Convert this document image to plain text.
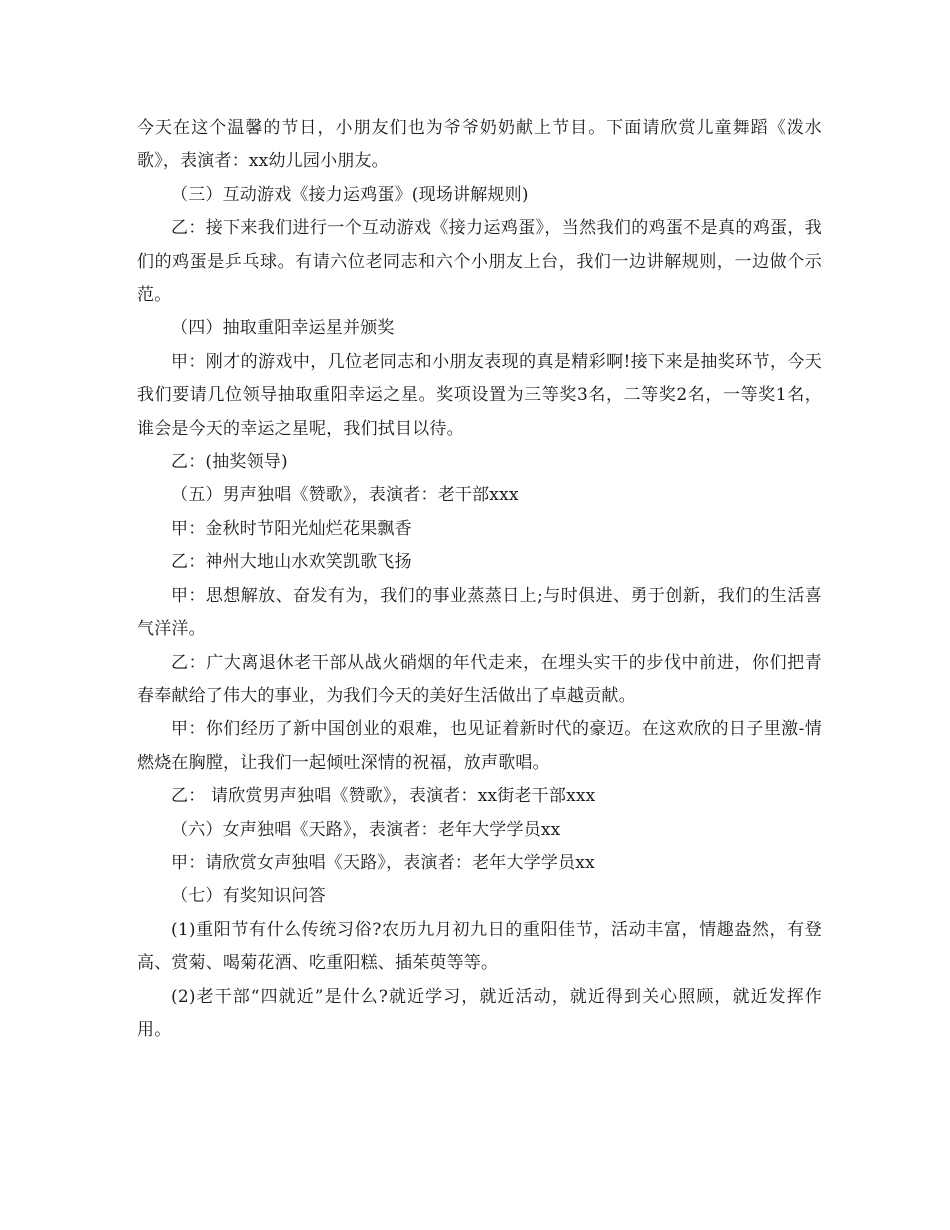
今天在这个温馨的节日，小朋友们也为爷爷奶奶献上节目。下面请欣赏儿童舞蹈《泼水歌》，表演者：xx幼儿园小朋友。

（三）互动游戏《接力运鸡蛋》(现场讲解规则)

乙：接下来我们进行一个互动游戏《接力运鸡蛋》，当然我们的鸡蛋不是真的鸡蛋，我们的鸡蛋是乒乓球。有请六位老同志和六个小朋友上台，我们一边讲解规则，一边做个示范。

（四）抽取重阳幸运星并颁奖

甲：刚才的游戏中，几位老同志和小朋友表现的真是精彩啊!接下来是抽奖环节，今天我们要请几位领导抽取重阳幸运之星。奖项设置为三等奖3名，二等奖2名，一等奖1名，谁会是今天的幸运之星呢，我们拭目以待。

乙：(抽奖领导)

（五）男声独唱《赞歌》，表演者：老干部xxx

甲：金秋时节阳光灿烂花果飘香

乙：神州大地山水欢笑凯歌飞扬

甲：思想解放、奋发有为，我们的事业蒸蒸日上;与时俱进、勇于创新，我们的生活喜气洋洋。

乙：广大离退休老干部从战火硝烟的年代走来，在埋头实干的步伐中前进，你们把青春奉献给了伟大的事业，为我们今天的美好生活做出了卓越贡献。

甲：你们经历了新中国创业的艰难，也见证着新时代的豪迈。在这欢欣的日子里激-情燃烧在胸膛，让我们一起倾吐深情的祝福，放声歌唱。

乙： 请欣赏男声独唱《赞歌》，表演者：xx街老干部xxx

（六）女声独唱《天路》，表演者：老年大学学员xx

甲：请欣赏女声独唱《天路》，表演者：老年大学学员xx

（七）有奖知识问答

(1)重阳节有什么传统习俗?农历九月初九日的重阳佳节，活动丰富，情趣盎然，有登高、赏菊、喝菊花酒、吃重阳糕、插茱萸等等。

(2)老干部“四就近”是什么?就近学习，就近活动，就近得到关心照顾，就近发挥作用。
